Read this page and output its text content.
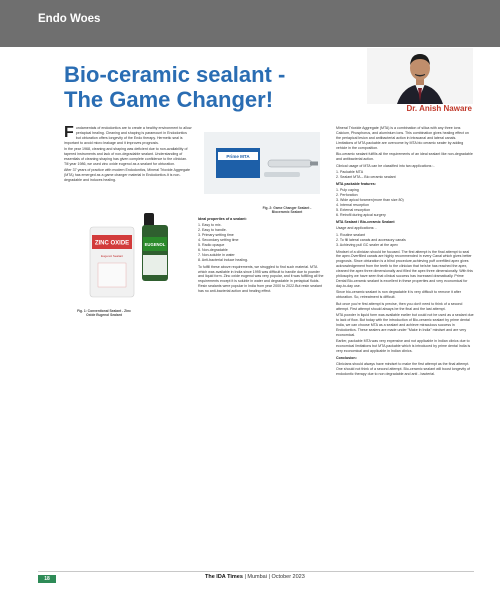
Endo Woes
Bio-ceramic sealant -
The Game Changer!	Dr. Anish Naware

Fundamentals of endodontics are to create a healthy environment to allow periapical healing. Cleaning and shaping is paramount in Endodontics but obturation offers longevity of the Endo therapy. Hermetic seal is important to avoid micro leakage and it improves prognosis.

In the year 1968, cleaning and shaping was deficient due to non-availability of tapered instruments and lack of non-degradable sealant. Understanding of essentials of cleaning shaping has given complete confidence to the clinician. Till year 1986, we used zinc oxide eugenol as a sealant for obturation.

After 37 years of practice with modern Endodontics, Mineral Trioxide Aggregate (MTA) has emerged as a game changer material in Endodontics.It is non-degradable and induces healing.

ZINC OXIDE
Eugenol Sealant
EUGENOL
Fig. 1: Conventional Sealant - Zinc Oxide Eugenol Sealant
Prime MTA
Fig. 2: Game Changer Sealant - Bioceramic Sealant

Ideal properties of a sealant:

1. Easy to mix.
2. Easy to handle.
3. Primary setting time
4. Secondary setting time
5. Radio opaque
6. Non-degradable
7. Non-soluble in water
8. Anti-bacterial induce healing.

To fulfill these above requirements, we struggled to find such material. MTA which was available in India since 1995 was difficult to handle due to powder and liquid form. Zinc oxide eugenol was very popular, and it was fulfilling all the requirements except it is soluble in water and degradable in periapical fluids. Resin sealants were popular in India from year 2000 to 2022.But resin sealant has no anti-bacterial action and healing effect.

Mineral Trioxide Aggregate (MTA) is a combination of silica with any three ions Calcium, Phosphorus, and aluminium ions. This combination gives healing effect on the periapical lesion and antibacterial action in intracanal and lateral canals. Limitations of MTA packable are overcome by MTA bio ceramic sealer by adding vehicle in the composition.

Bio-ceramic sealant fulfills all the requirements of an ideal sealant like non-degradable and antibacterial action.

Clinical usage of MTA can be classified into two applications :-

1. Packable MTA
2. Sealant MTA – Bio ceramic sealant

MTA packable features:

1. Pulp caping
2. Perforation
3. Wide apical foramen(more than size 80)
4. Internal resorption
5. External resorption
6. Retrofil during apical surgery

MTA Sealant / Bio-ceramic Sealant

Usage and applications: -

1. Routine sealant
2. To fill lateral canals and accessory canals
3. Achieving pull GC sealer at the apex

Mindset of a clinician should be focused. The first attempt is the final attempt to seal the apex.Overfilled canals are highly recommended in every Canal which gives better prognosis. Since obturation is a blind procedure,achieving puff overfilled apex gives acknowledgement from the teeth to the clinician that he/she has reached the apex, cleaned the apex three dimensionally and filled the apex three dimensionally. With this philosophy we have seen that clinical success has increased dramatically. Prime Dental Bio-ceramic sealant is excellent in these properties and very economical for day-to-day use.

Since bio-ceramic sealant is non degradable it is very difficult to remove it after obturation. So, retreatment is difficult.

But once you're first attempt is precise, then you don't need to think of a second attempt. First attempt should always be the final and the last attempt.

MTA powder in liquid form was available earlier but could not be used as a sealant due to lack of flow. But today with the introduction of Bio-ceramic sealant by prime dental India, we can choose MTA as a sealant and achieve miraculous success in Endodontics. These sealers are made under "Make in India" mindset and are very economical.

Earlier, packable MTA was very expensive and not applicable in Indian clinics due to economical limitations but MTA packable which is introduced by prime dental India is very economical and applicable in Indian clinics.

Conclusion:

Clinicians should always have mindset to make the first attempt as the final attempt. One should not think of a second attempt. Bio-ceramic sealant will boost longevity of endodontic therapy due to non degradable and anti - bacterial.

18	The IDA Times | Mumbai | October 2023
